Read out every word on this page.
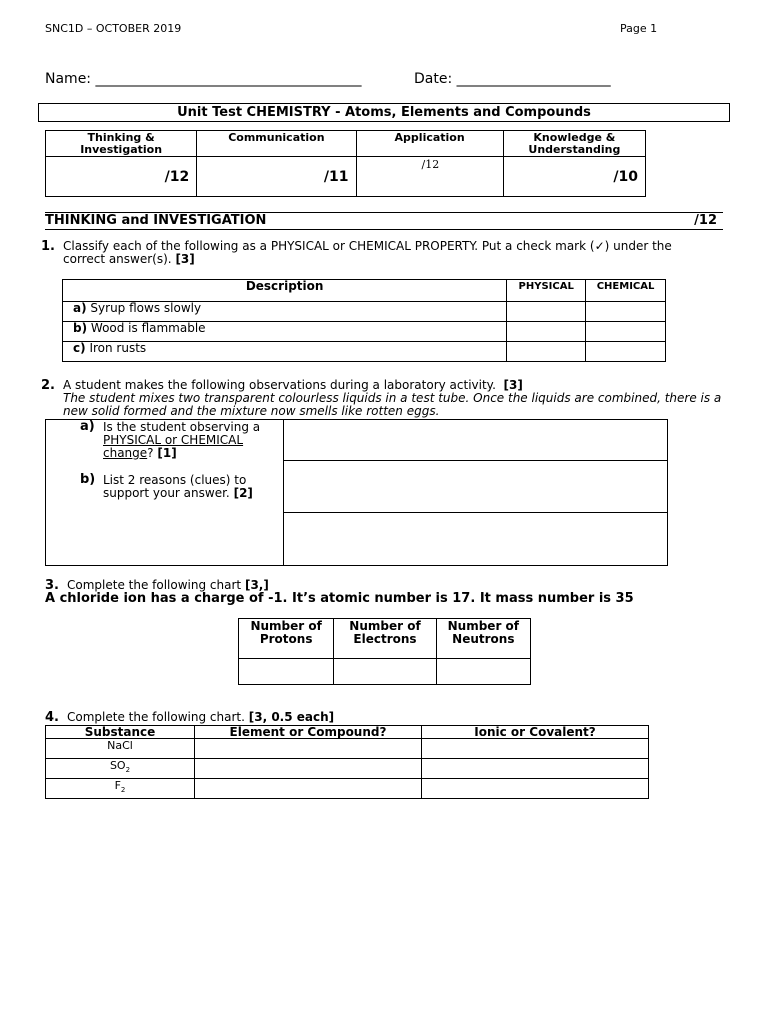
SNC1D – OCTOBER 2019	Page 1
Name: ______________________________________	Date: ______________________
Unit Test CHEMISTRY - Atoms, Elements and Compounds
Thinking & Investigation	Communication	Application	Knowledge & Understanding
/12	/11	/12	/10
THINKING and INVESTIGATION	/12
1. Classify each of the following as a PHYSICAL or CHEMICAL PROPERTY. Put a check mark (✓) under the correct answer(s). [3]
Description	PHYSICAL	CHEMICAL
a) Syrup flows slowly		
b) Wood is flammable		
c) Iron rusts		
2. A student makes the following observations during a laboratory activity. [3]
The student mixes two transparent colourless liquids in a test tube. Once the liquids are combined, there is a new solid formed and the mixture now smells like rotten eggs.
a) Is the student observing a PHYSICAL or CHEMICAL change? [1]
b) List 2 reasons (clues) to support your answer. [2]

3. Complete the following chart [3,]
A chloride ion has a charge of -1. It’s atomic number is 17. It mass number is 35
Number of Protons	Number of Electrons	Number of Neutrons

4. Complete the following chart. [3, 0.5 each]
Substance	Element or Compound?	Ionic or Covalent?
NaCl		
$SO_2$		
$F_2$		
